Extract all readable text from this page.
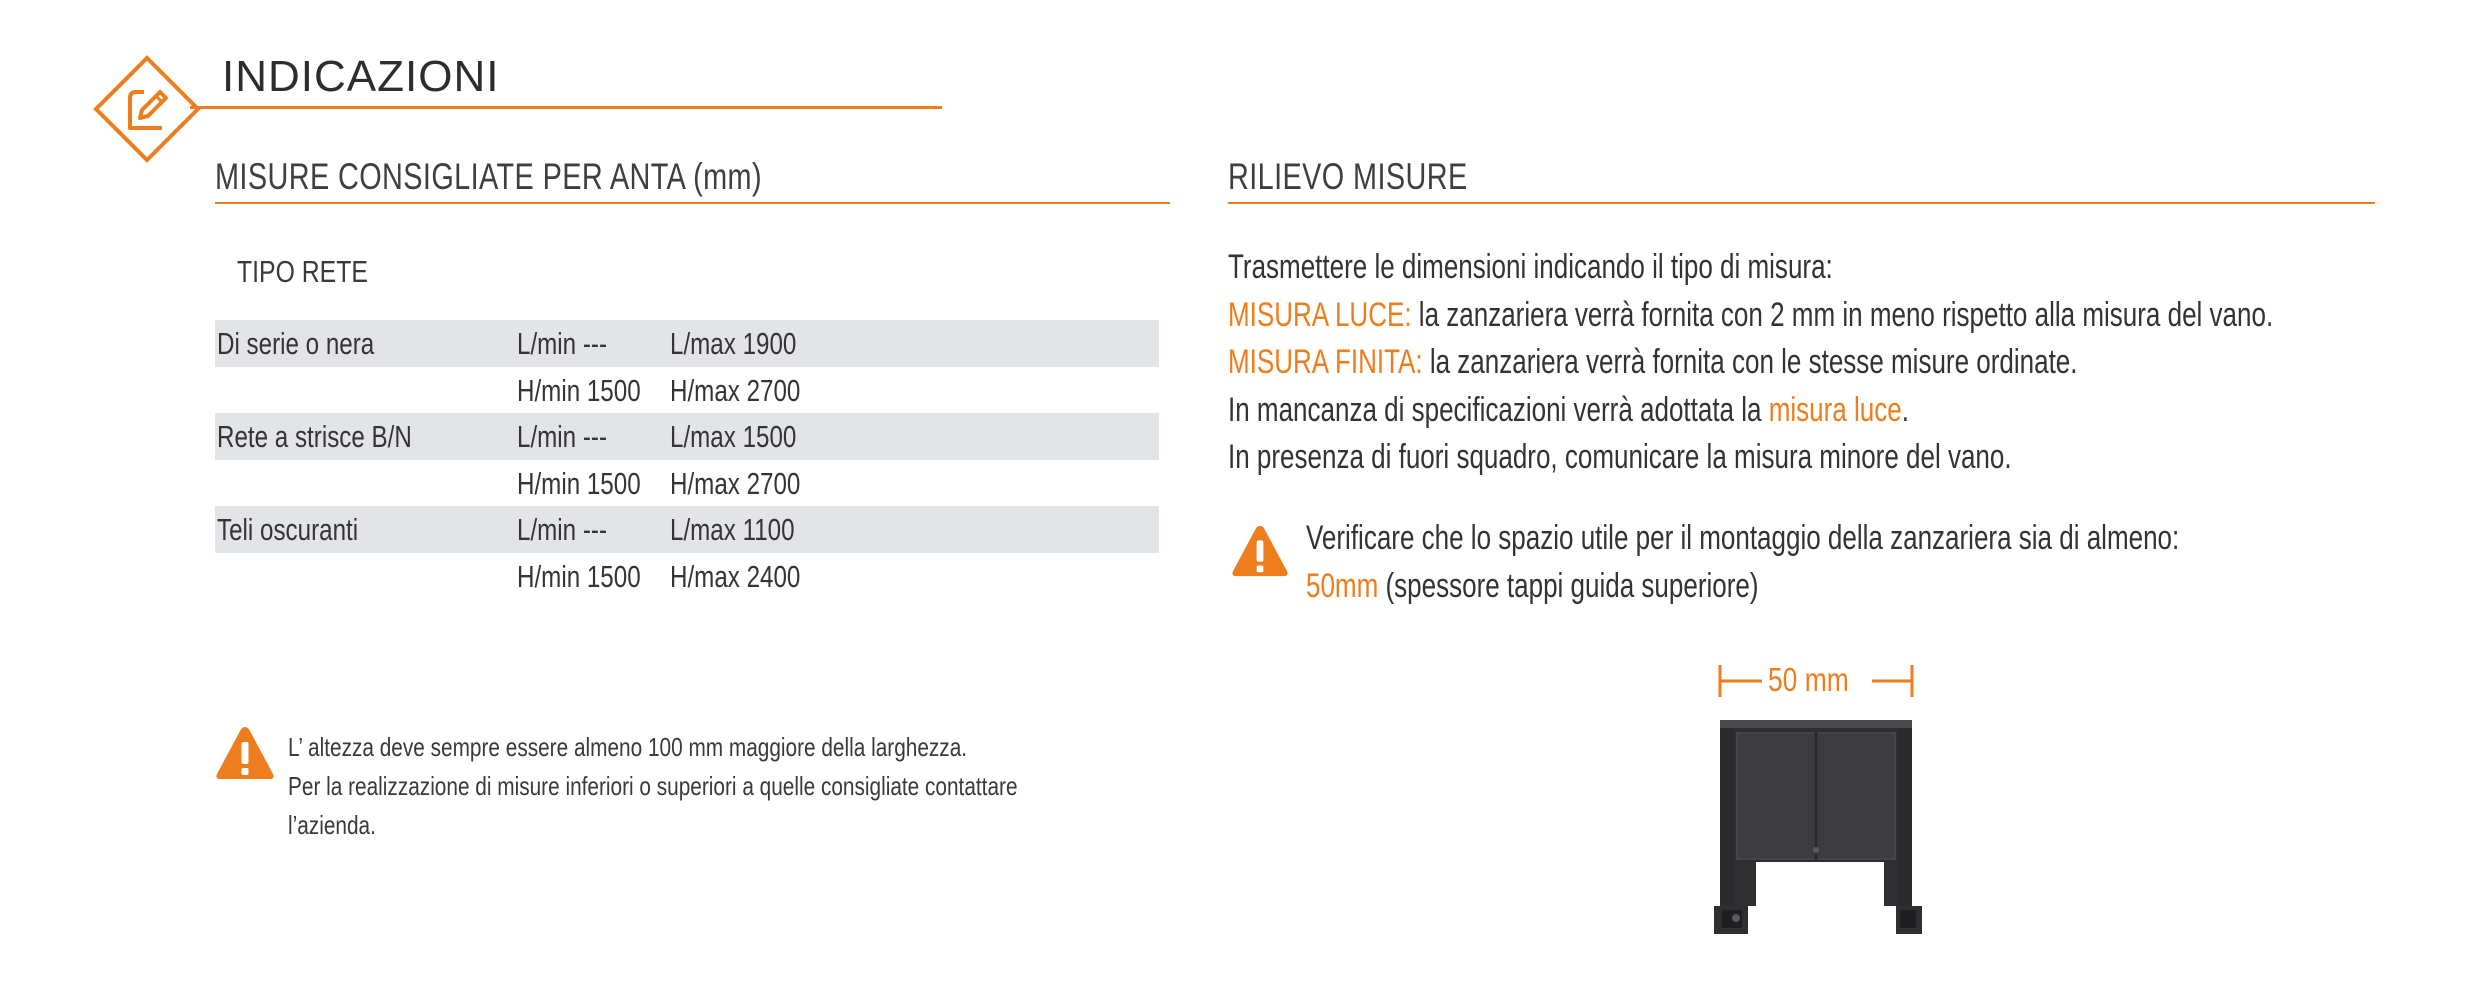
INDICAZIONI
MISURE CONSIGLIATE PER ANTA (mm)
TIPO RETE
Di serie o nera	L/min --- L/max 1900
H/min 1500 H/max 2700
Rete a strisce B/N	L/min --- L/max 1500
H/min 1500 H/max 2700
Teli oscuranti	L/min --- L/max 1100
H/min 1500 H/max 2400
L’ altezza deve sempre essere almeno 100 mm maggiore della larghezza.
Per la realizzazione di misure inferiori o superiori a quelle consigliate contattare
l’azienda.
RILIEVO MISURE
Trasmettere le dimensioni indicando il tipo di misura:
MISURA LUCE: la zanzariera verrà fornita con 2 mm in meno rispetto alla misura del vano.
MISURA FINITA: la zanzariera verrà fornita con le stesse misure ordinate.
In mancanza di specificazioni verrà adottata la misura luce.
In presenza di fuori squadro, comunicare la misura minore del vano.
Verificare che lo spazio utile per il montaggio della zanzariera sia di almeno:
50mm (spessore tappi guida superiore)
50 mm
